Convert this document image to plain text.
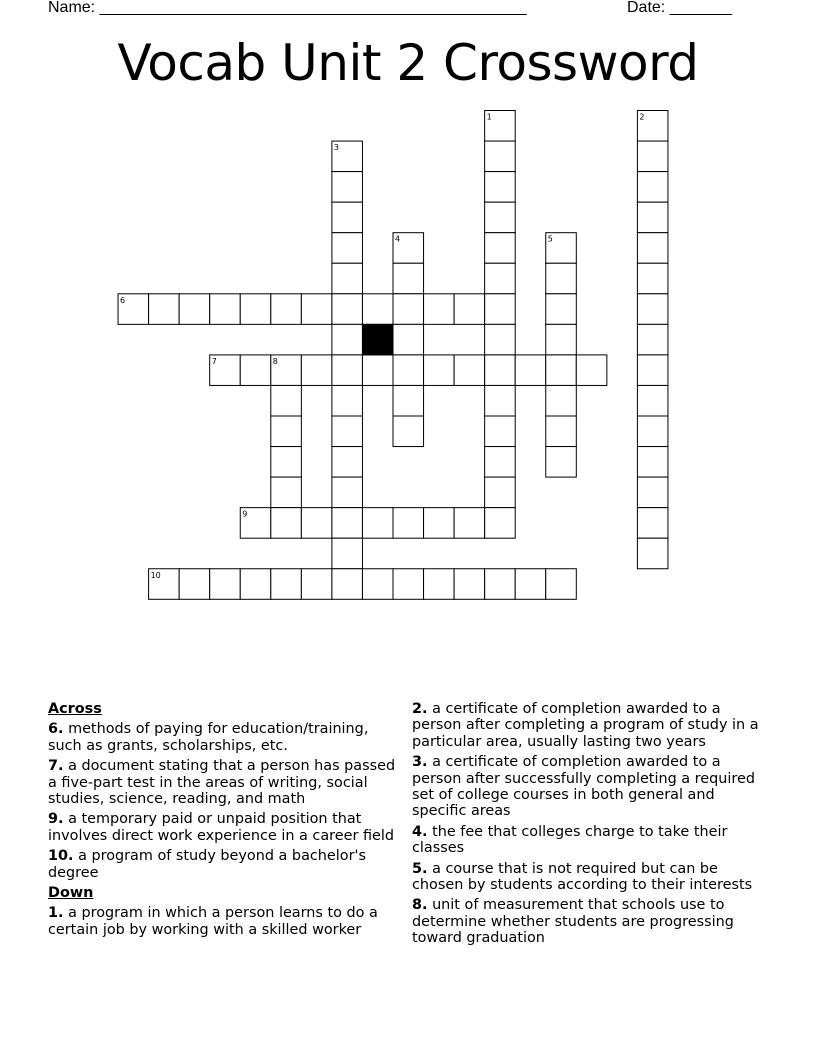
Name: ________________________________________________	Date: _______
Vocab Unit 2 Crossword
1	2
3
4	5
6
7	8
9
10
Across
6. methods of paying for education/training, such as grants, scholarships, etc.
7. a document stating that a person has passed a five-part test in the areas of writing, social studies, science, reading, and math
9. a temporary paid or unpaid position that involves direct work experience in a career field
10. a program of study beyond a bachelor's degree
Down
1. a program in which a person learns to do a certain job by working with a skilled worker
2. a certificate of completion awarded to a person after completing a program of study in a particular area, usually lasting two years
3. a certificate of completion awarded to a person after successfully completing a required set of college courses in both general and specific areas
4. the fee that colleges charge to take their classes
5. a course that is not required but can be chosen by students according to their interests
8. unit of measurement that schools use to determine whether students are progressing toward graduation
